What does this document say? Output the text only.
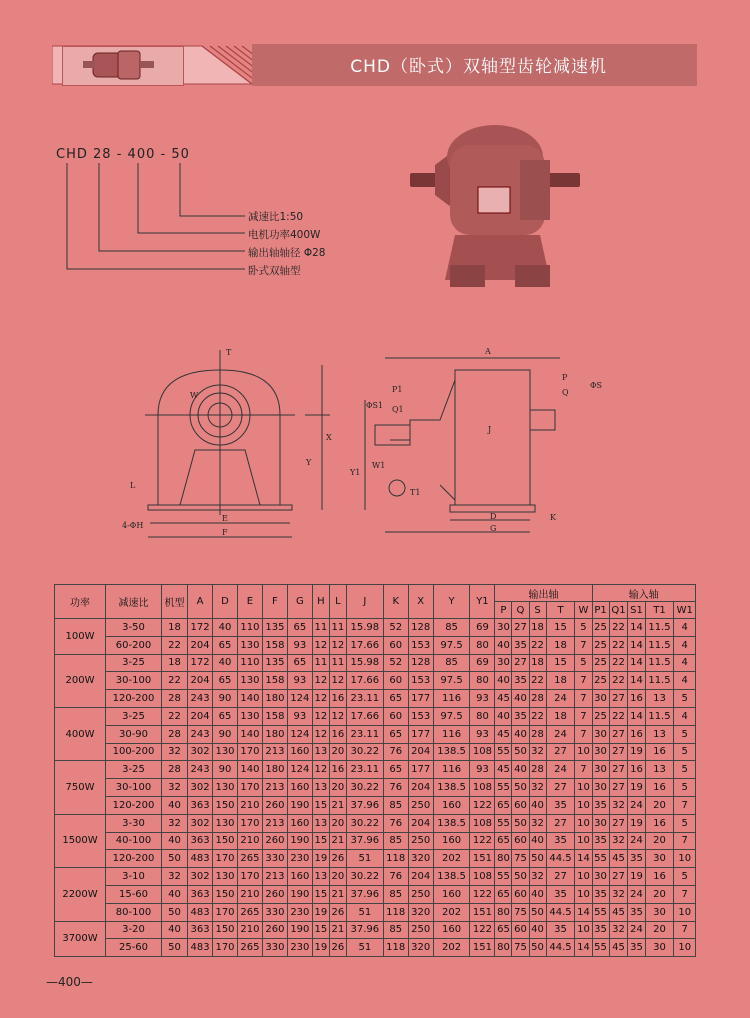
CHD（卧式）双轴型齿轮减速机
CHD 28 - 400 - 50
减速比1:50
电机功率400W
输出轴轴径 Φ28
卧式双轴型
T
W
X
Y
L
E
F
4-ΦH
A
P
Q
ΦS
P1
Q1
ΦS1
J
Y1
W1
T1
D	K
G
功率	减速比	机型	A	D	E	F	G	H	L	J	K	X	Y	Y1	输出轴					输入轴				
															P	Q	S	T	W	P1	Q1	S1	T1	W1
100W	3-50	18	172	40	110	135	65	11	11	15.98	52	128	85	69	30	27	18	15	5	25	22	14	11.5	4
	60-200	22	204	65	130	158	93	12	12	17.66	60	153	97.5	80	40	35	22	18	7	25	22	14	11.5	4
200W	3-25	18	172	40	110	135	65	11	11	15.98	52	128	85	69	30	27	18	15	5	25	22	14	11.5	4
	30-100	22	204	65	130	158	93	12	12	17.66	60	153	97.5	80	40	35	22	18	7	25	22	14	11.5	4
	120-200	28	243	90	140	180	124	12	16	23.11	65	177	116	93	45	40	28	24	7	30	27	16	13	5
400W	3-25	22	204	65	130	158	93	12	12	17.66	60	153	97.5	80	40	35	22	18	7	25	22	14	11.5	4
	30-90	28	243	90	140	180	124	12	16	23.11	65	177	116	93	45	40	28	24	7	30	27	16	13	5
	100-200	32	302	130	170	213	160	13	20	30.22	76	204	138.5	108	55	50	32	27	10	30	27	19	16	5
750W	3-25	28	243	90	140	180	124	12	16	23.11	65	177	116	93	45	40	28	24	7	30	27	16	13	5
	30-100	32	302	130	170	213	160	13	20	30.22	76	204	138.5	108	55	50	32	27	10	30	27	19	16	5
	120-200	40	363	150	210	260	190	15	21	37.96	85	250	160	122	65	60	40	35	10	35	32	24	20	7
1500W	3-30	32	302	130	170	213	160	13	20	30.22	76	204	138.5	108	55	50	32	27	10	30	27	19	16	5
	40-100	40	363	150	210	260	190	15	21	37.96	85	250	160	122	65	60	40	35	10	35	32	24	20	7
	120-200	50	483	170	265	330	230	19	26	51	118	320	202	151	80	75	50	44.5	14	55	45	35	30	10
2200W	3-10	32	302	130	170	213	160	13	20	30.22	76	204	138.5	108	55	50	32	27	10	30	27	19	16	5
	15-60	40	363	150	210	260	190	15	21	37.96	85	250	160	122	65	60	40	35	10	35	32	24	20	7
	80-100	50	483	170	265	330	230	19	26	51	118	320	202	151	80	75	50	44.5	14	55	45	35	30	10
3700W	3-20	40	363	150	210	260	190	15	21	37.96	85	250	160	122	65	60	40	35	10	35	32	24	20	7
	25-60	50	483	170	265	330	230	19	26	51	118	320	202	151	80	75	50	44.5	14	55	45	35	30	10
—400—
